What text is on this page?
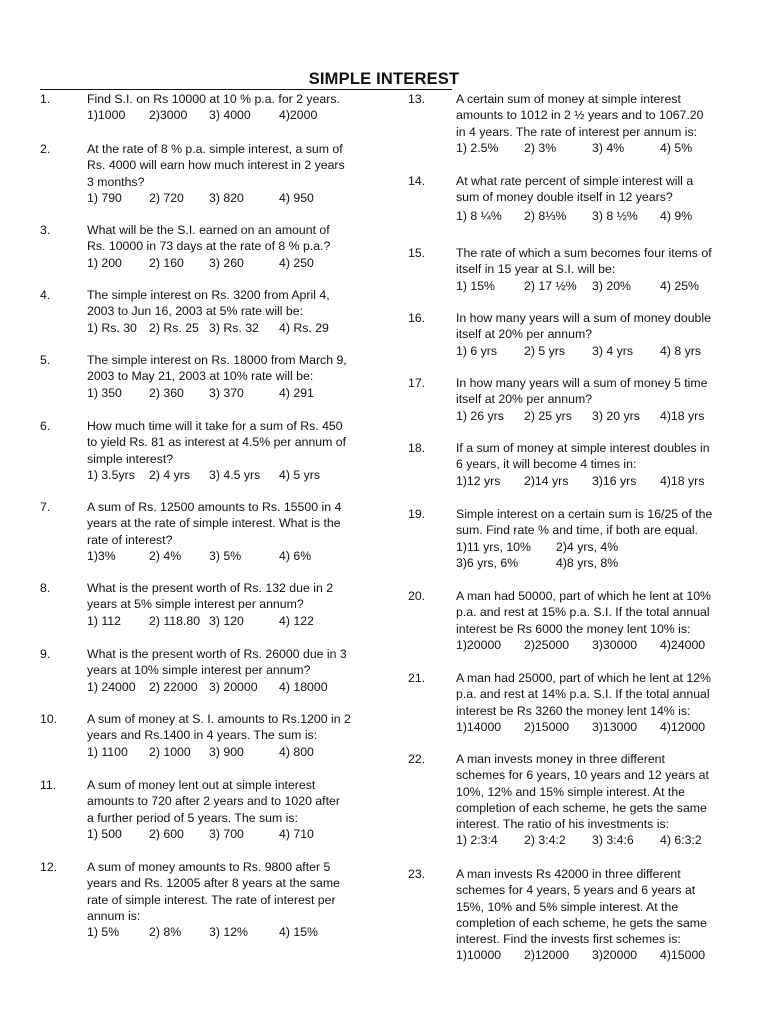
SIMPLE INTEREST
1.	Find S.I. on Rs 10000 at 10 % p.a. for 2 years.
1)1000 2)3000 3) 4000 4)2000
2.	At the rate of 8 % p.a. simple interest, a sum of
Rs. 4000 will earn how much interest in 2 years
3 months?
1) 790 2) 720 3) 820	4) 950
3.	What will be the S.I. earned on an amount of
Rs. 10000 in 73 days at the rate of 8 % p.a.?
1) 200 2) 160 3) 260	4) 250
4.	The simple interest on Rs. 3200 from April 4,
2003 to Jun 16, 2003 at 5% rate will be:
1) Rs. 30 2) Rs. 25 3) Rs. 32 4) Rs. 29
5.	The simple interest on Rs. 18000 from March 9,
2003 to May 21, 2003 at 10% rate will be:
1) 350 2) 360 3) 370	4) 291
6.	How much time will it take for a sum of Rs. 450
to yield Rs. 81 as interest at 4.5% per annum of
simple interest?
1) 3.5yrs 2) 4 yrs 3) 4.5 yrs 4) 5 yrs
7.	A sum of Rs. 12500 amounts to Rs. 15500 in 4
years at the rate of simple interest. What is the
rate of interest?
1)3%	2) 4% 3) 5%	4) 6%
8.	What is the present worth of Rs. 132 due in 2
years at 5% simple interest per annum?
1) 112 2) 118.80 3) 120	4) 122
9.	What is the present worth of Rs. 26000 due in 3
years at 10% simple interest per annum?
1) 24000 2) 22000 3) 20000 4) 18000
10.	A sum of money at S. I. amounts to Rs.1200 in 2
years and Rs.1400 in 4 years. The sum is:
1) 1100 2) 1000 3) 900	4) 800
11.	A sum of money lent out at simple interest
amounts to 720 after 2 years and to 1020 after
a further period of 5 years. The sum is:
1) 500 2) 600 3) 700	4) 710
12.	A sum of money amounts to Rs. 9800 after 5
years and Rs. 12005 after 8 years at the same
rate of simple interest. The rate of interest per
annum is:
1) 5% 2) 8% 3) 12%	4) 15%
13.	A certain sum of money at simple interest
amounts to 1012 in 2 ½ years and to 1067.20
in 4 years. The rate of interest per annum is:
1) 2.5% 2) 3%	3) 4%	4) 5%
14.	At what rate percent of simple interest will a
sum of money double itself in 12 years?
1) 8 ¼% 2) 8⅓% 3) 8 ½% 4) 9%
15.	The rate of which a sum becomes four items of
itself in 15 year at S.I. will be:
1) 15% 2) 17 ½% 3) 20% 4) 25%
16.	In how many years will a sum of money double
itself at 20% per annum?
1) 6 yrs 2) 5 yrs 3) 4 yrs 4) 8 yrs
17.	In how many years will a sum of money 5 time
itself at 20% per annum?
1) 26 yrs 2) 25 yrs 3) 20 yrs 4)18 yrs
18.	If a sum of money at simple interest doubles in
6 years, it will become 4 times in:
1)12 yrs 2)14 yrs 3)16 yrs 4)18 yrs
19.	Simple interest on a certain sum is 16/25 of the
sum. Find rate % and time, if both are equal.
1)11 yrs, 10% 2)4 yrs, 4%
3)6 yrs, 6%	4)8 yrs, 8%
20.	A man had 50000, part of which he lent at 10%
p.a. and rest at 15% p.a. S.I. If the total annual
interest be Rs 6000 the money lent 10% is:
1)20000 2)25000 3)30000 4)24000
21.	A man had 25000, part of which he lent at 12%
p.a. and rest at 14% p.a. S.I. If the total annual
interest be Rs 3260 the money lent 14% is:
1)14000 2)15000 3)13000 4)12000
22.	A man invests money in three different
schemes for 6 years, 10 years and 12 years at
10%, 12% and 15% simple interest. At the
completion of each scheme, he gets the same
interest. The ratio of his investments is:
1) 2:3:4 2) 3:4:2 3) 3:4:6 4) 6:3:2
23.	A man invests Rs 42000 in three different
schemes for 4 years, 5 years and 6 years at
15%, 10% and 5% simple interest. At the
completion of each scheme, he gets the same
interest. Find the invests first schemes is:
1)10000 2)12000 3)20000 4)15000
